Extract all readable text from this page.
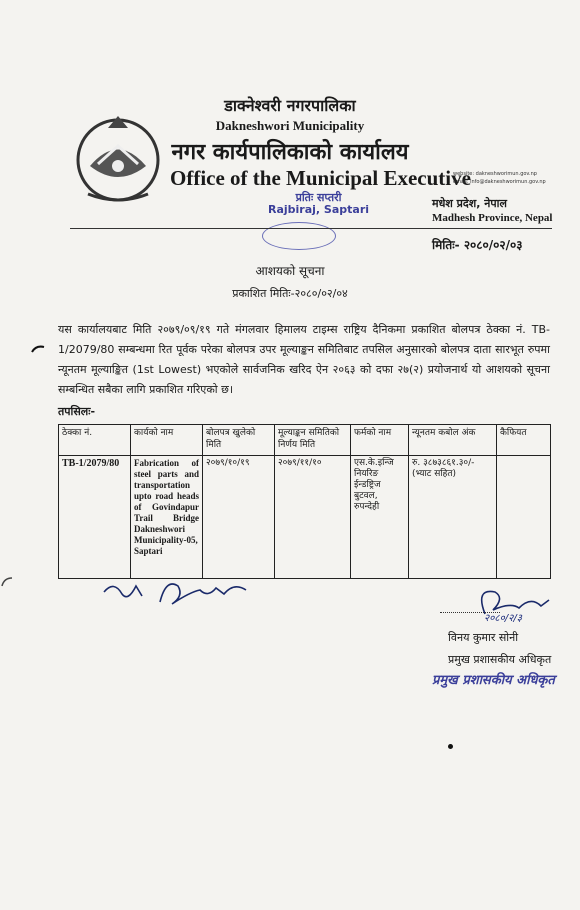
डाक्नेश्वरी नगरपालिका
Dakneshwori Municipality
नगर कार्यपालिकाको कार्यालय
Office of the Municipal Executive
website: dakneshworimun.gov.np
email: info@dakneshworimun.gov.np
प्रतिः सप्तरी
Rajbiraj, Saptari	मधेश प्रदेश, नेपाल
Madhesh Province, Nepal
मितिः- २०८०/०२/०३
आशयको सूचना
प्रकाशित मितिः-२०८०/०२/०४
यस कार्यालयबाट मिति २०७९/०९/१९ गते मंगलवार हिमालय टाइम्स राष्ट्रिय दैनिकमा प्रकाशित बोलपत्र ठेक्का नं. TB-1/2079/80 सम्बन्धमा रित पूर्वक परेका बोलपत्र उपर मूल्याङ्कन समितिबाट तपसिल अनुसारको बोलपत्र दाता सारभूत रुपमा न्यूनतम मूल्याङ्कित (1st Lowest) भएकोले सार्वजनिक खरिद ऐन २०६३ को दफा २७(२) प्रयोजनार्थ यो आशयको सूचना सम्बन्धित सबैका लागि प्रकाशित गरिएको छ।
तपसिलः-
ठेक्का नं.	कार्यको नाम	बोलपत्र खुलेको मिति	मूल्याङ्कन समितिको निर्णय मिति	फर्मको नाम	न्यूनतम कबोल अंक	कैफियत
TB-1/2079/80	Fabrication of steel parts and transportation upto road heads of Govindapur Trail Bridge Dakneshwori Municipality-05, Saptari	२०७९/१०/१९	२०७९/११/१०	एस.के.इन्जि नियरिङ ईन्डष्ट्रिज बुटवल, रुपन्देही	रु. ३८७३८६१.३०/- (भ्याट सहित)	
२०८०/२/३
विनय कुमार सोनी
प्रमुख प्रशासकीय अधिकृत
प्रमुख प्रशासकीय अधिकृत
